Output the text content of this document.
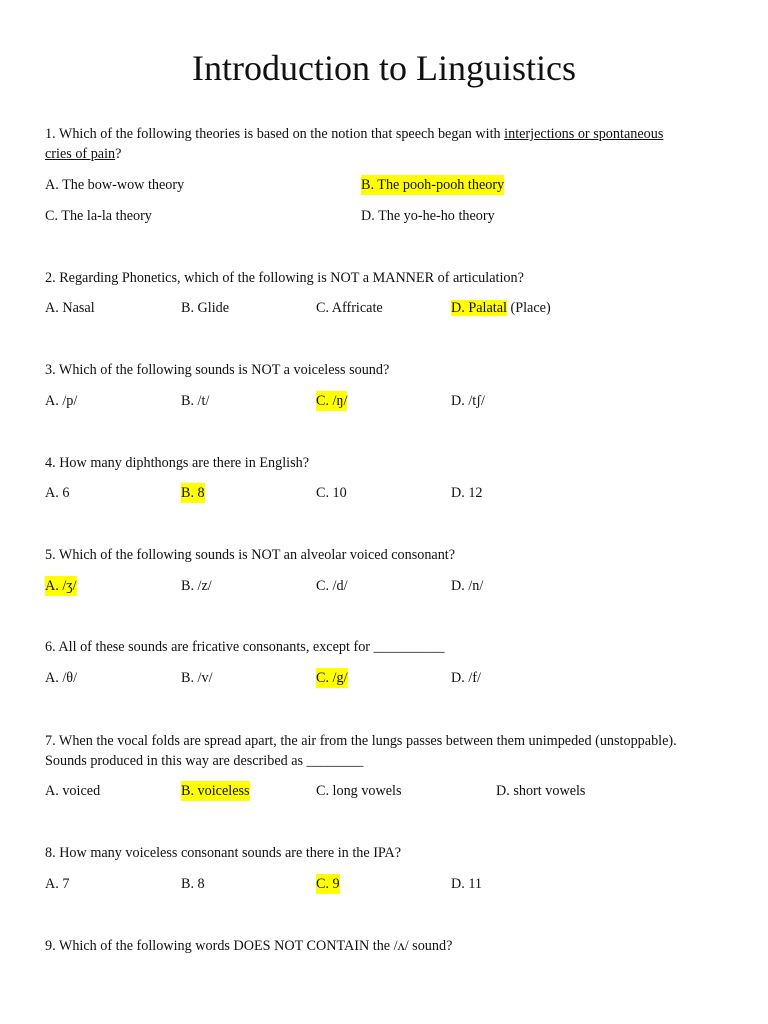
Introduction to Linguistics
1. Which of the following theories is based on the notion that speech began with interjections or spontaneous
cries of pain?
A. The bow-wow theory	B. The pooh-pooh theory
C. The la-la theory	D. The yo-he-ho theory
2. Regarding Phonetics, which of the following is NOT a MANNER of articulation?
A. Nasal	B. Glide	C. Affricate	D. Palatal (Place)
3. Which of the following sounds is NOT a voiceless sound?
A. /p/	B. /t/	C. /ŋ/	D. /tʃ/
4. How many diphthongs are there in English?
A. 6	B. 8	C. 10	D. 12
5. Which of the following sounds is NOT an alveolar voiced consonant?
A. /ʒ/	B. /z/	C. /d/	D. /n/
6. All of these sounds are fricative consonants, except for __________
A. /θ/	B. /v/	C. /g/	D. /f/
7. When the vocal folds are spread apart, the air from the lungs passes between them unimpeded (unstoppable).
Sounds produced in this way are described as ________
A. voiced	B. voiceless	C. long vowels	D. short vowels
8. How many voiceless consonant sounds are there in the IPA?
A. 7	B. 8	C. 9	D. 11
9. Which of the following words DOES NOT CONTAIN the /ʌ/ sound?
